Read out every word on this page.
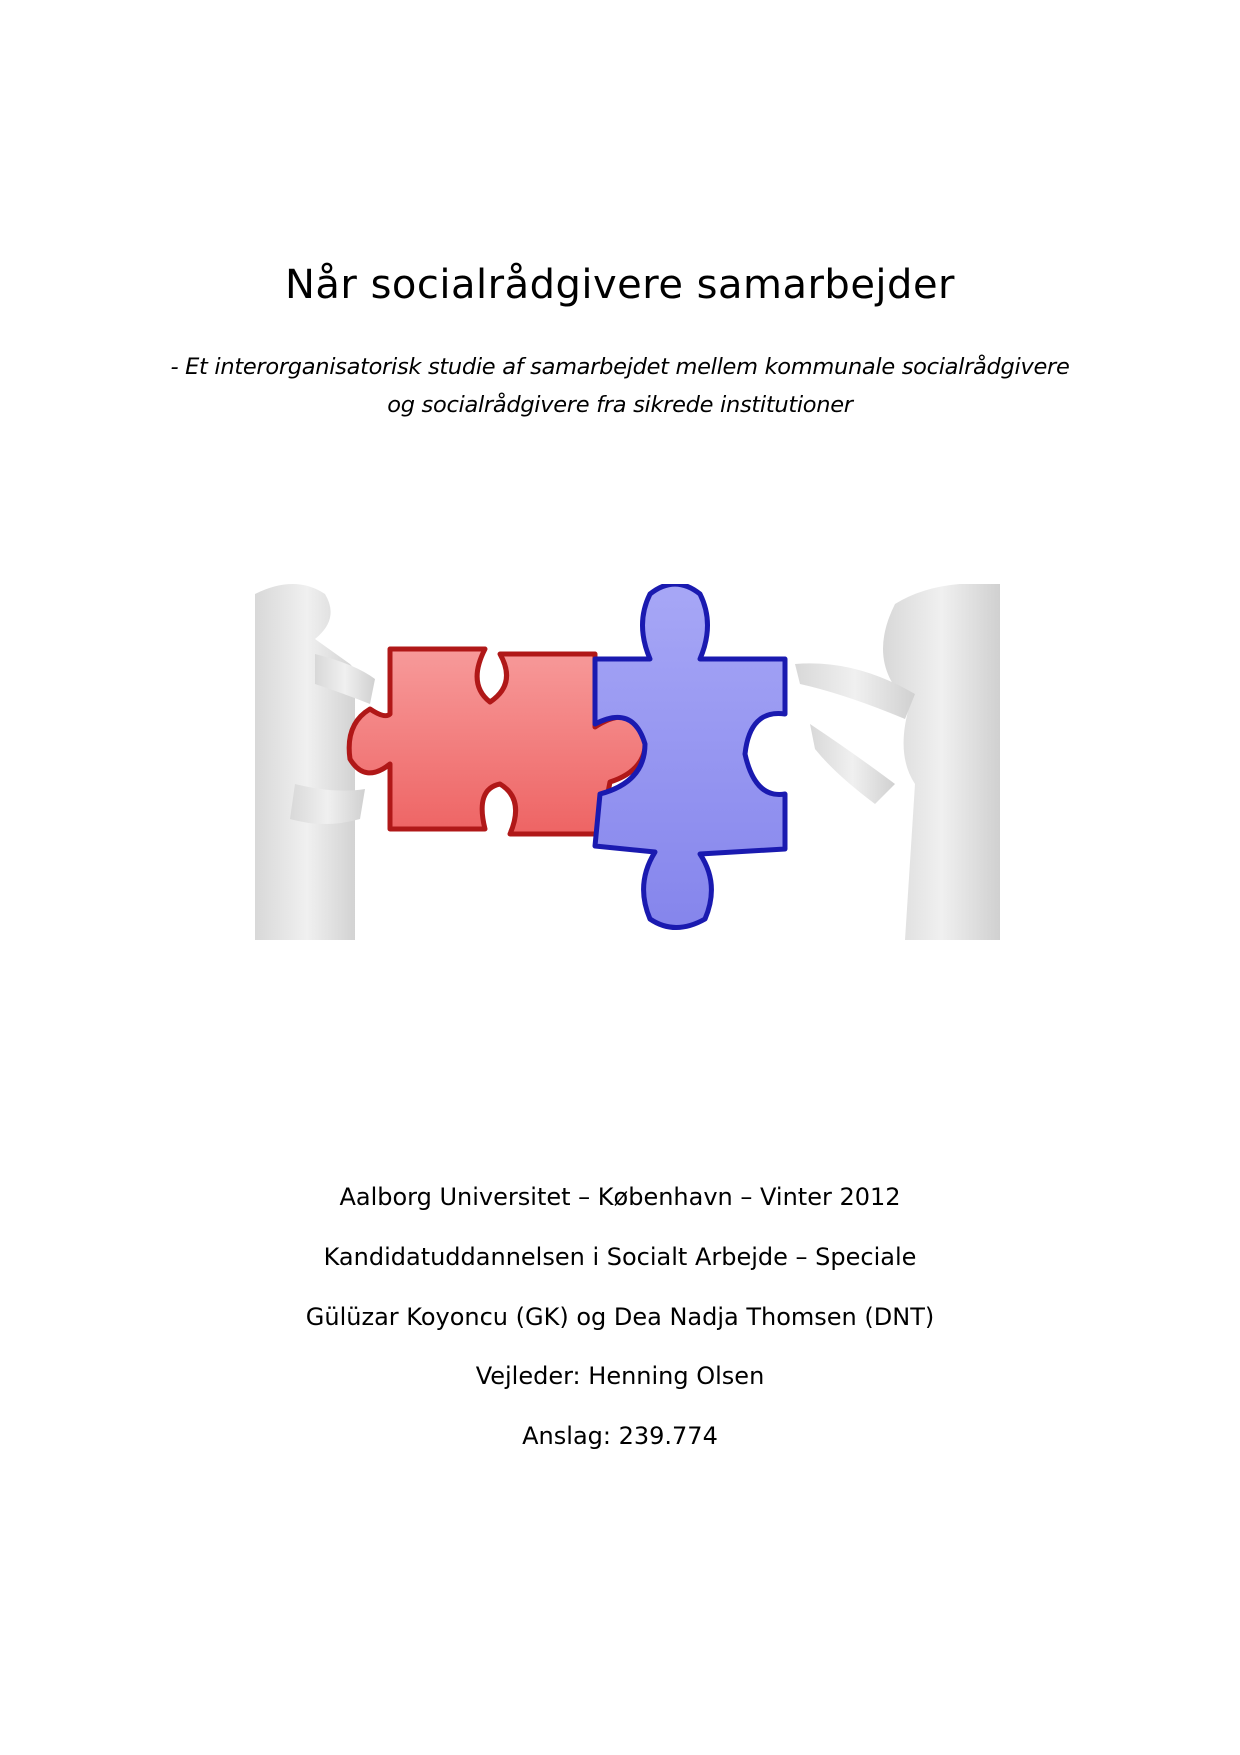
Når socialrådgivere samarbejder
- Et interorganisatorisk studie af samarbejdet mellem kommunale socialrådgivere
og socialrådgivere fra sikrede institutioner
Aalborg Universitet – København – Vinter 2012
Kandidatuddannelsen i Socialt Arbejde – Speciale
Gülüzar Koyoncu (GK) og Dea Nadja Thomsen (DNT)
Vejleder: Henning Olsen
Anslag: 239.774
